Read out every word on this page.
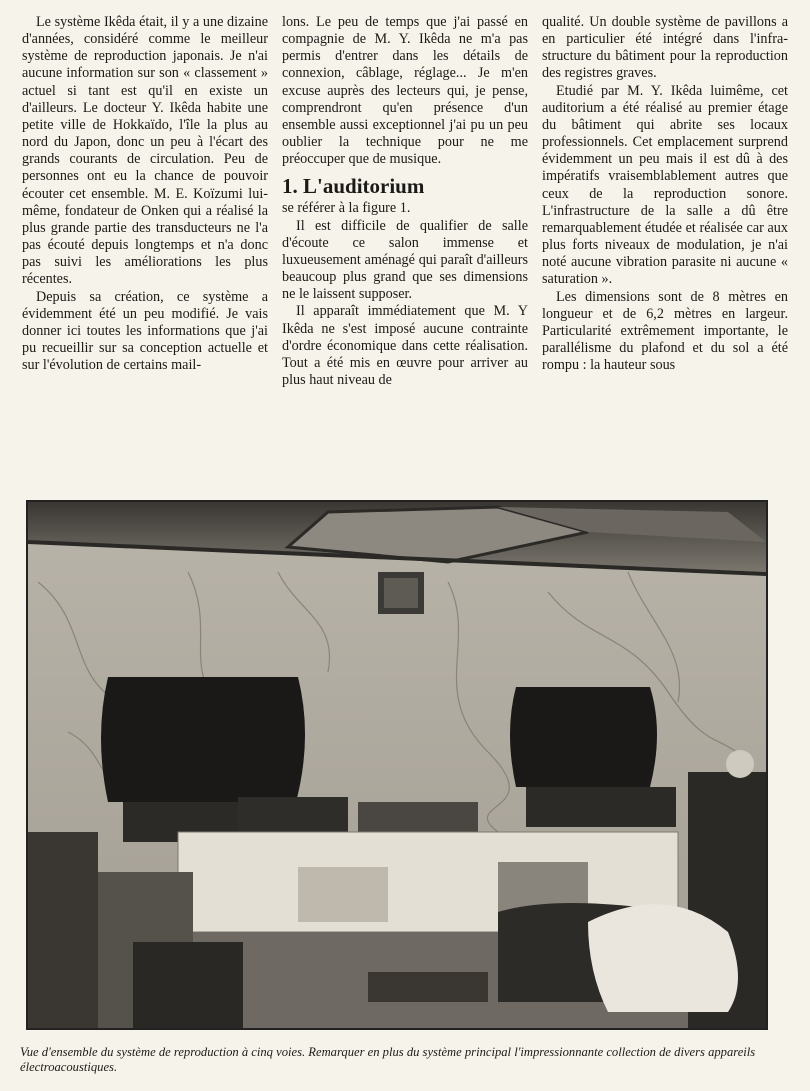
Le système Ikêda était, il y a une dizaine d'années, considéré comme le meilleur système de reproduction japonais. Je n'ai aucune information sur son « classement » actuel si tant est qu'il en existe un d'ailleurs. Le docteur Y. Ikêda habite une petite ville de Hokkaïdo, l'île la plus au nord du Japon, donc un peu à l'écart des grands courants de circulation. Peu de personnes ont eu la chance de pouvoir écouter cet ensemble. M. E. Koïzumi lui-même, fondateur de Onken qui a réalisé la plus grande partie des transducteurs ne l'a pas écouté depuis longtemps et n'a donc pas suivi les améliorations les plus récentes.

Depuis sa création, ce système a évidemment été un peu modifié. Je vais donner ici toutes les informations que j'ai pu recueillir sur sa conception actuelle et sur l'évolution de certains mail-

lons. Le peu de temps que j'ai passé en compagnie de M. Y. Ikêda ne m'a pas permis d'entrer dans les détails de connexion, câblage, réglage... Je m'en excuse auprès des lecteurs qui, je pense, comprendront qu'en présence d'un ensemble aussi exceptionnel j'ai pu un peu oublier la technique pour ne me préoccuper que de musique.

1. L'auditorium

se référer à la figure 1.

Il est difficile de qualifier de salle d'écoute ce salon immense et luxueusement aménagé qui paraît d'ailleurs beaucoup plus grand que ses dimensions ne le laissent supposer.

Il apparaît immédiatement que M. Y Ikêda ne s'est imposé aucune contrainte d'ordre économique dans cette réalisation. Tout a été mis en œuvre pour arriver au plus haut niveau de

qualité. Un double système de pavillons a en particulier été intégré dans l'infra-structure du bâtiment pour la reproduction des registres graves.

Etudié par M. Y. Ikêda luimême, cet auditorium a été réalisé au premier étage du bâtiment qui abrite ses locaux professionnels. Cet emplacement surprend évidemment un peu mais il est dû à des impératifs vraisemblablement autres que ceux de la reproduction sonore. L'infrastructure de la salle a dû être remarquablement étudée et réalisée car aux plus forts niveaux de modulation, je n'ai noté aucune vibration parasite ni aucune « saturation ».

Les dimensions sont de 8 mètres en longueur et de 6,2 mètres en largeur. Particularité extrêmement importante, le parallélisme du plafond et du sol a été rompu : la hauteur sous

Vue d'ensemble du système de reproduction à cinq voies. Remarquer en plus du système principal l'impressionnante collection de divers appareils électroacoustiques.
